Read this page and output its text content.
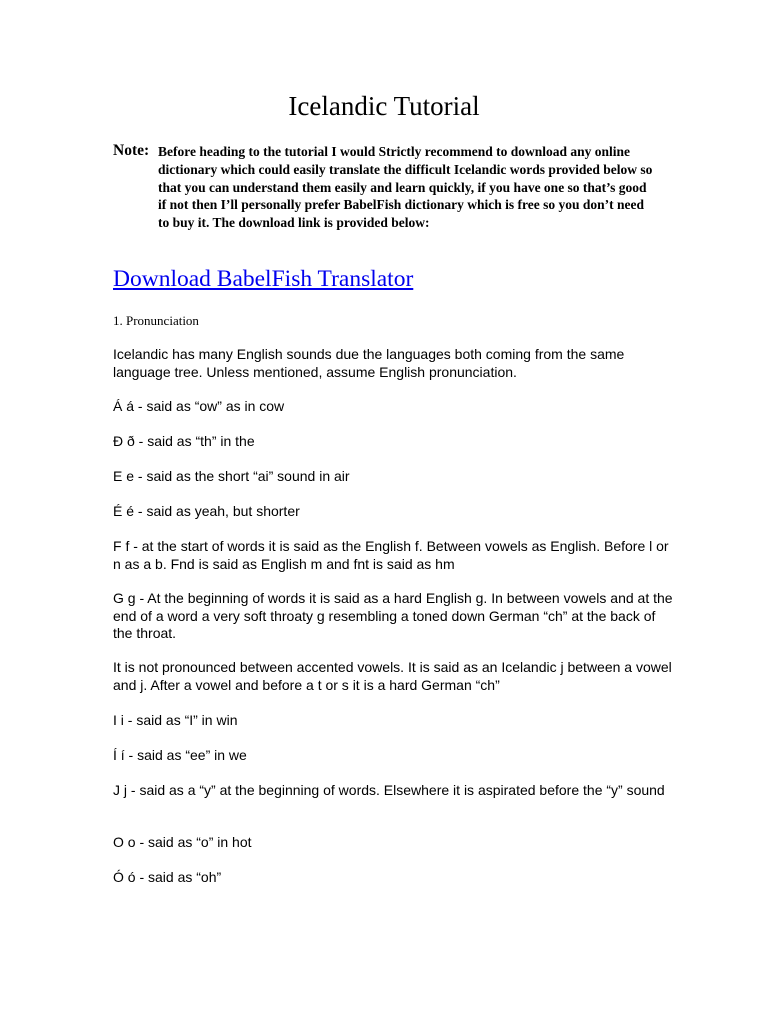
Icelandic Tutorial
Note: Before heading to the tutorial I would Strictly recommend to download any online dictionary which could easily translate the difficult Icelandic words provided below so that you can understand them easily and learn quickly, if you have one so that’s good if not then I’ll personally prefer BabelFish dictionary which is free so you don’t need to buy it. The download link is provided below:

Download BabelFish Translator
1. Pronunciation

Icelandic has many English sounds due the languages both coming from the same language tree. Unless mentioned, assume English pronunciation.

Á á - said as “ow” as in cow

Ð ð - said as “th” in the

E e - said as the short “ai” sound in air

É é - said as yeah, but shorter

F f - at the start of words it is said as the English f. Between vowels as English. Before l or n as a b. Fnd is said as English m and fnt is said as hm

G g - At the beginning of words it is said as a hard English g. In between vowels and at the end of a word a very soft throaty g resembling a toned down German “ch” at the back of the throat.

It is not pronounced between accented vowels. It is said as an Icelandic j between a vowel and j. After a vowel and before a t or s it is a hard German “ch”

I i - said as “I” in win

Í í - said as “ee” in we

J j - said as a “y” at the beginning of words. Elsewhere it is aspirated before the “y” sound

O o - said as “o” in hot

Ó ó - said as “oh”
